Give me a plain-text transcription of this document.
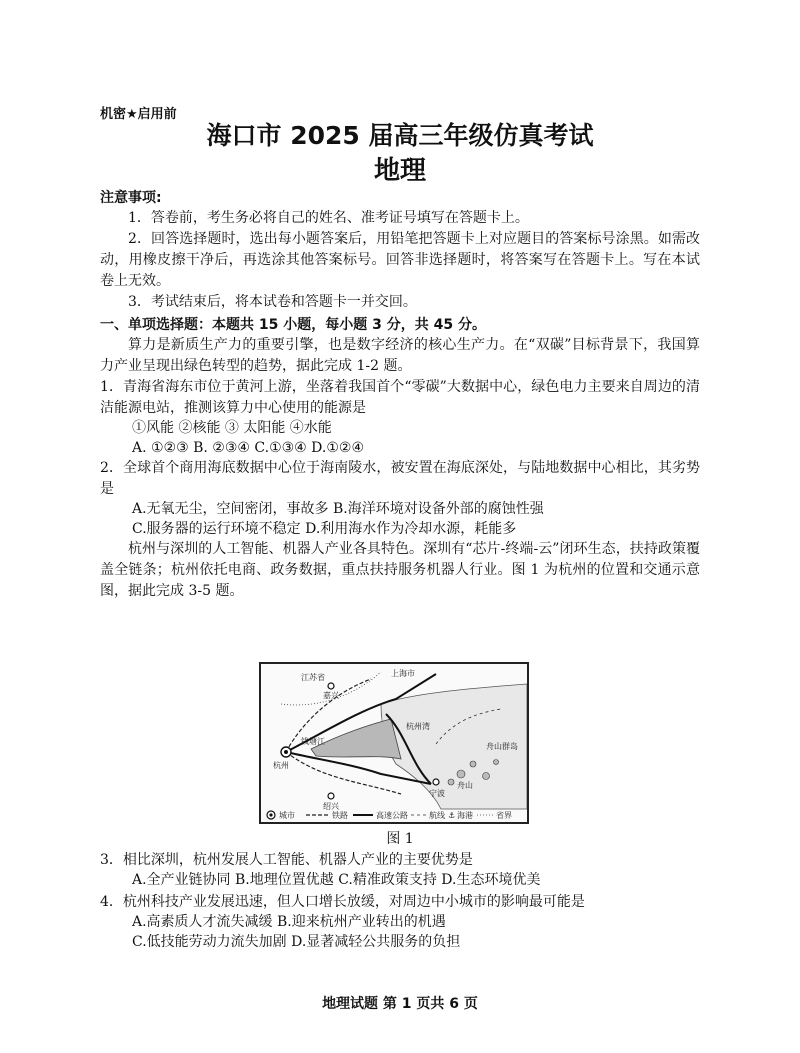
机密★启用前
海口市 2025 届高三年级仿真考试
地理
注意事项:
1．答卷前，考生务必将自己的姓名、准考证号填写在答题卡上。
2．回答选择题时，选出每小题答案后，用铅笔把答题卡上对应题目的答案标号涂黑。如需改动，用橡皮擦干净后，再选涂其他答案标号。回答非选择题时，将答案写在答题卡上。写在本试卷上无效。
3．考试结束后，将本试卷和答题卡一并交回。
一、单项选择题：本题共 15 小题，每小题 3 分，共 45 分。
算力是新质生产力的重要引擎，也是数字经济的核心生产力。在“双碳”目标背景下，我国算力产业呈现出绿色转型的趋势，据此完成 1-2 题。
1．青海省海东市位于黄河上游，坐落着我国首个“零碳”大数据中心，绿色电力主要来自周边的清洁能源电站，推测该算力中心使用的能源是
①风能 ②核能 ③ 太阳能 ④水能
A. ①②③ B. ②③④ C.①③④ D.①②④
2．全球首个商用海底数据中心位于海南陵水，被安置在海底深处，与陆地数据中心相比，其劣势是
A.无氧无尘，空间密闭，事故多 B.海洋环境对设备外部的腐蚀性强
C.服务器的运行环境不稳定 D.利用海水作为冷却水源，耗能多
杭州与深圳的人工智能、机器人产业各具特色。深圳有“芯片-终端-云”闭环生态，扶持政策覆盖全链条；杭州依托电商、政务数据，重点扶持服务机器人行业。图 1 为杭州的位置和交通示意图，据此完成 3-5 题。
江苏省	上海市
嘉兴
杭州湾
杭州
绍兴
宁波
舟山
钱塘江
舟山群岛
城市	铁路	高速公路	航线 ⚓ 海港	省界
图 1
3．相比深圳，杭州发展人工智能、机器人产业的主要优势是
A.全产业链协同 B.地理位置优越 C.精准政策支持 D.生态环境优美
4．杭州科技产业发展迅速，但人口增长放缓，对周边中小城市的影响最可能是
A.高素质人才流失减缓 B.迎来杭州产业转出的机遇
C.低技能劳动力流失加剧 D.显著减轻公共服务的负担
地理试题 第 1 页共 6 页
